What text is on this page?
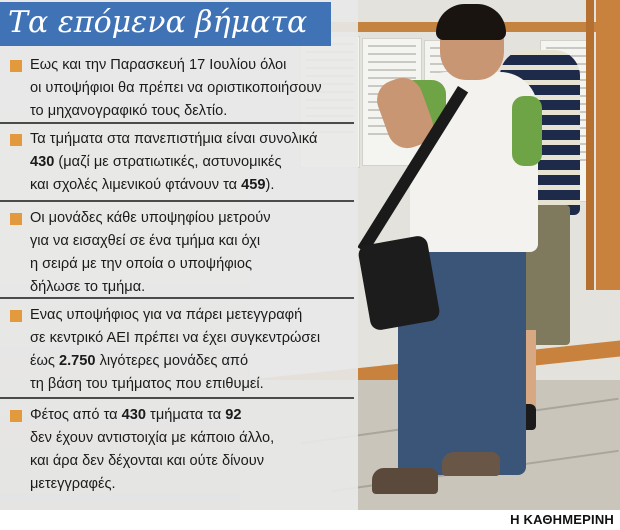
Τα επόμενα βήματα
Εως και την Παρασκευή 17 Ιουλίου όλοι
οι υποψήφιοι θα πρέπει να οριστικοποιήσουν
το μηχανογραφικό τους δελτίο.
Τα τμήματα στα πανεπιστήμια είναι συνολικά
430 (μαζί με στρατιωτικές, αστυνομικές
και σχολές λιμενικού φτάνουν τα 459).
Οι μονάδες κάθε υποψηφίου μετρούν
για να εισαχθεί σε ένα τμήμα και όχι
η σειρά με την οποία ο υποψήφιος
δήλωσε το τμήμα.
Ενας υποψήφιος για να πάρει μετεγγραφή
σε κεντρικό ΑΕΙ πρέπει να έχει συγκεντρώσει
έως 2.750 λιγότερες μονάδες από
τη βάση του τμήματος που επιθυμεί.
Φέτος από τα 430 τμήματα τα 92
δεν έχουν αντιστοιχία με κάποιο άλλο,
και άρα δεν δέχονται και ούτε δίνουν
μετεγγραφές.
Η ΚΑΘΗΜΕΡΙΝΗ
